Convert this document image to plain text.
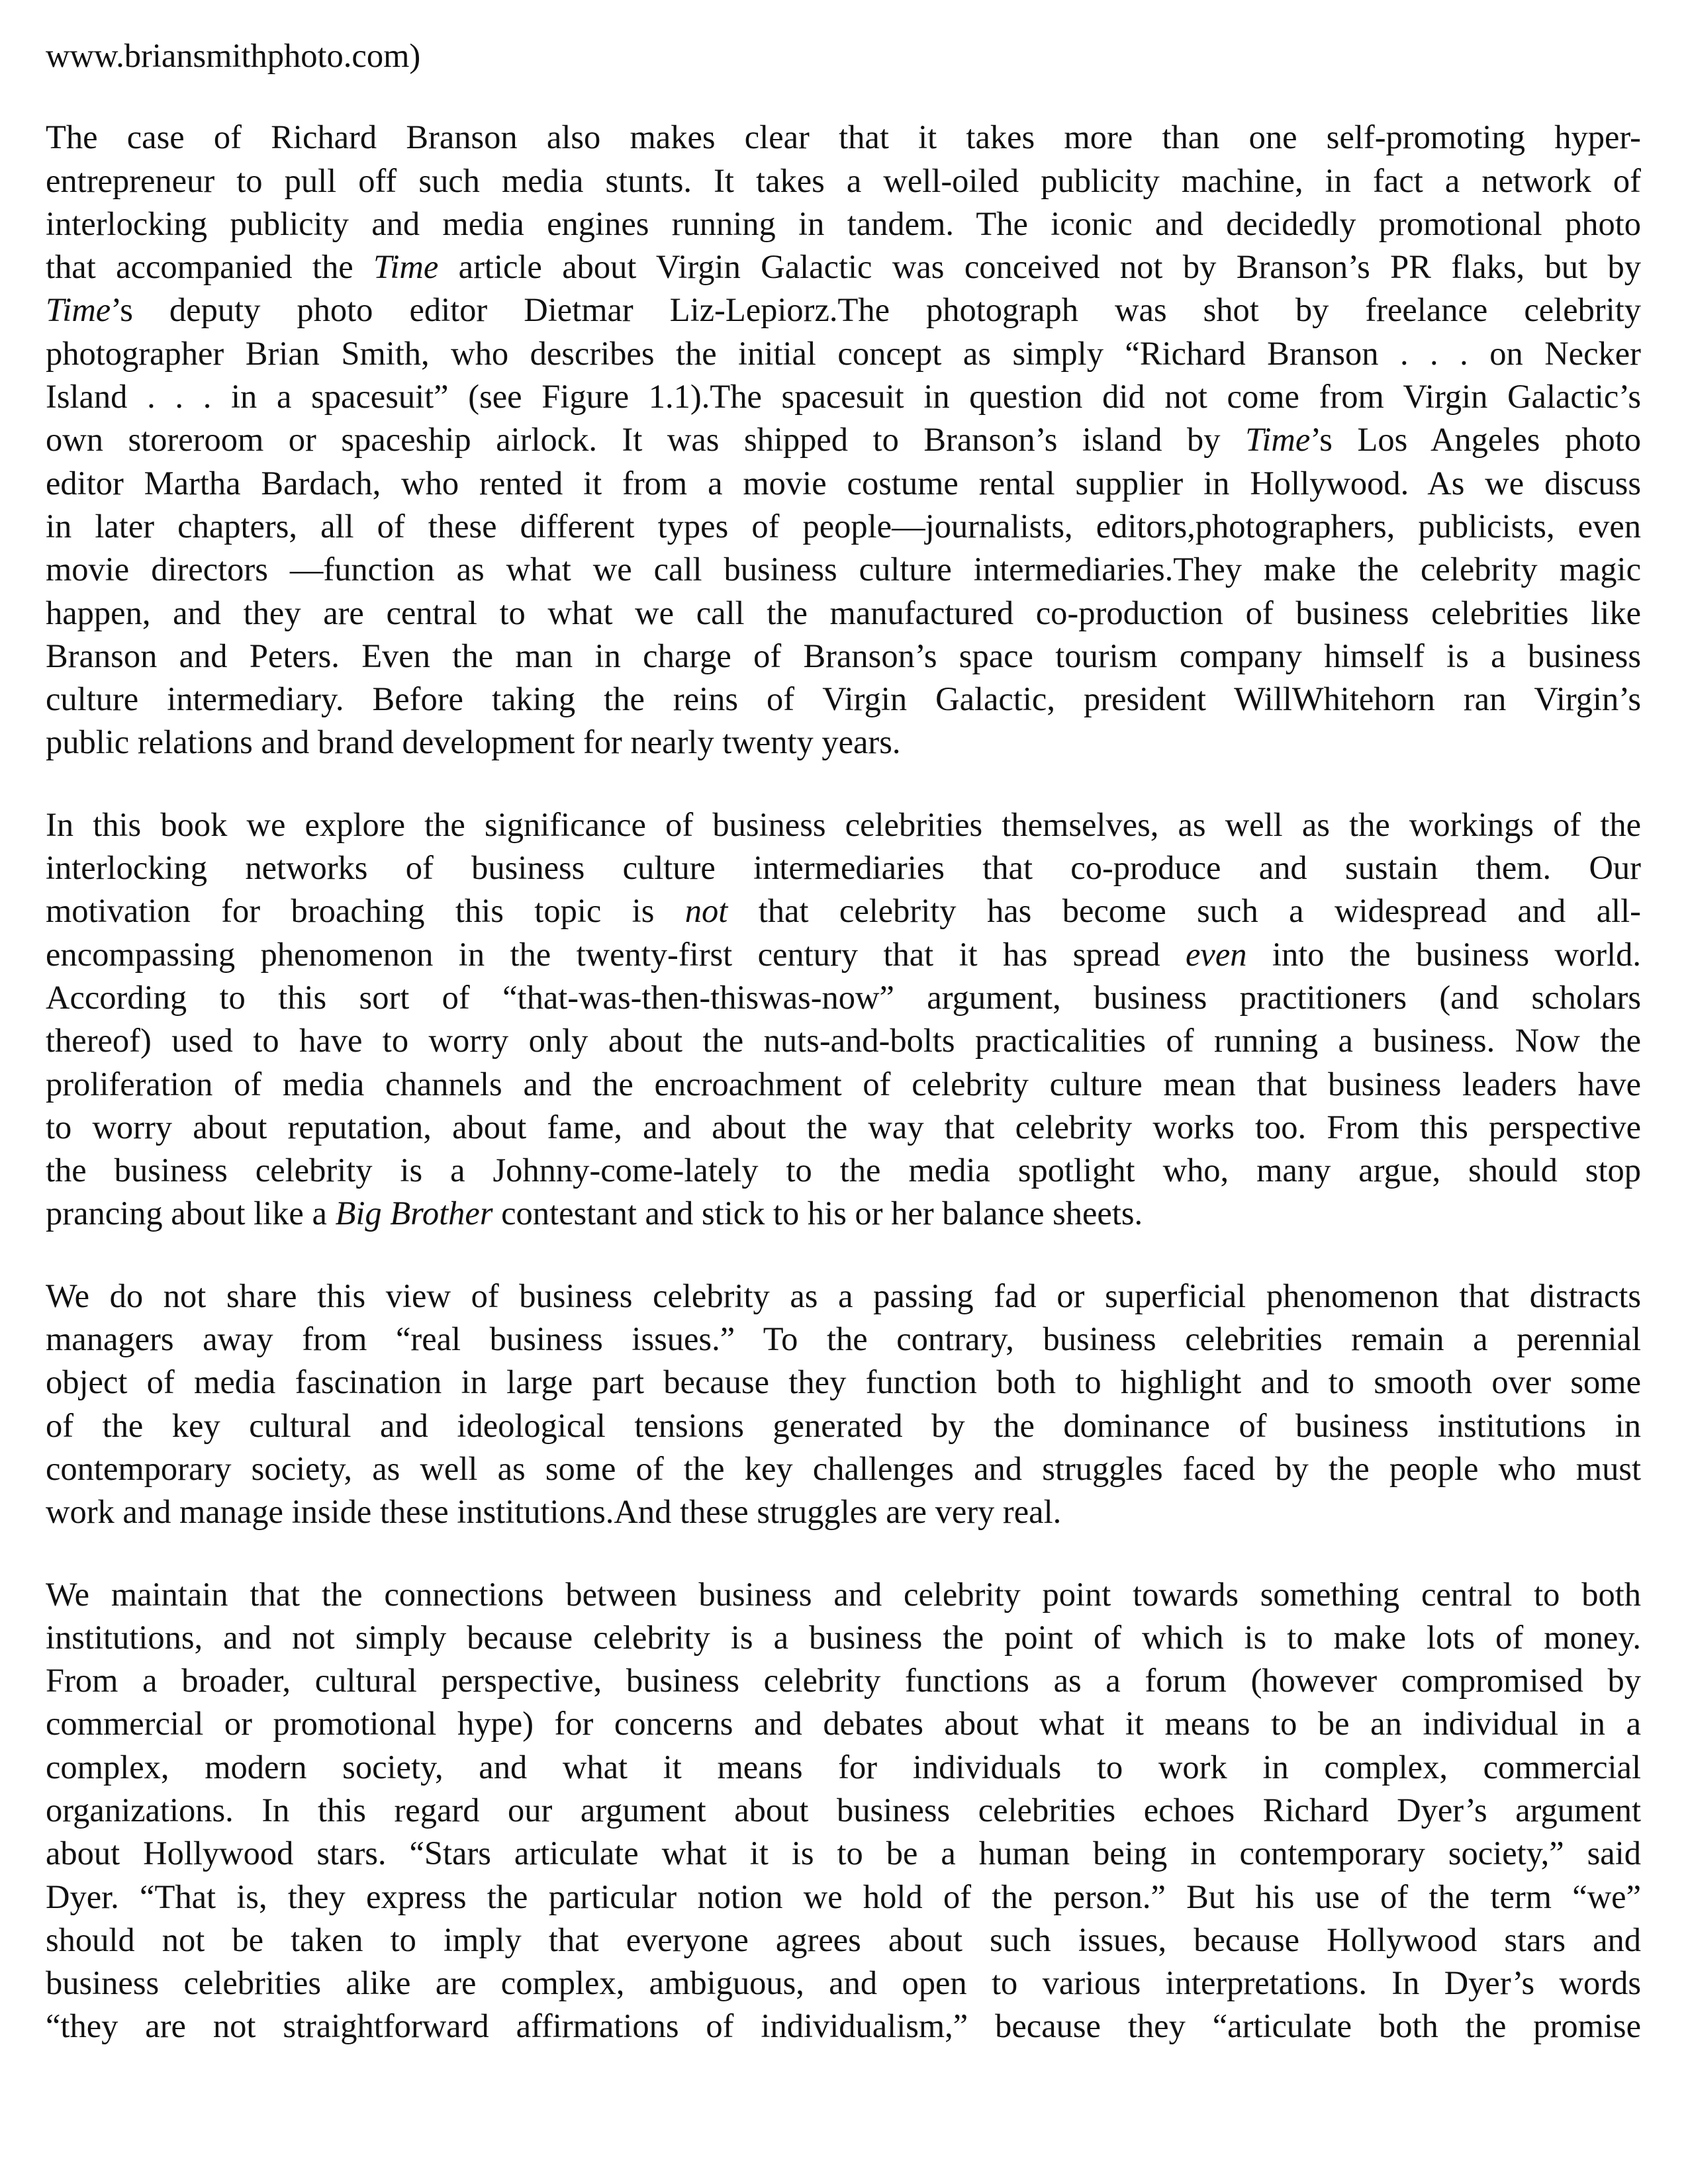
www.briansmithphoto.com)
The case of Richard Branson also makes clear that it takes more than one self-promoting hyper-
entrepreneur to pull off such media stunts. It takes a well-oiled publicity machine, in fact a network of
interlocking publicity and media engines running in tandem. The iconic and decidedly promotional photo
that accompanied the Time article about Virgin Galactic was conceived not by Branson’s PR flaks, but by
Time’s deputy photo editor Dietmar Liz-Lepiorz.The photograph was shot by freelance celebrity
photographer Brian Smith, who describes the initial concept as simply “Richard Branson . . . on Necker
Island . . . in a spacesuit” (see Figure 1.1).The spacesuit in question did not come from Virgin Galactic’s
own storeroom or spaceship airlock. It was shipped to Branson’s island by Time’s Los Angeles photo
editor Martha Bardach, who rented it from a movie costume rental supplier in Hollywood. As we discuss
in later chapters, all of these different types of people—journalists, editors,photographers, publicists, even
movie directors —function as what we call business culture intermediaries.They make the celebrity magic
happen, and they are central to what we call the manufactured co-production of business celebrities like
Branson and Peters. Even the man in charge of Branson’s space tourism company himself is a business
culture intermediary. Before taking the reins of Virgin Galactic, president WillWhitehorn ran Virgin’s
public relations and brand development for nearly twenty years.
In this book we explore the significance of business celebrities themselves, as well as the workings of the
interlocking networks of business culture intermediaries that co-produce and sustain them. Our
motivation for broaching this topic is not that celebrity has become such a widespread and all-
encompassing phenomenon in the twenty-first century that it has spread even into the business world.
According to this sort of “that-was-then-thiswas-now” argument, business practitioners (and scholars
thereof) used to have to worry only about the nuts-and-bolts practicalities of running a business. Now the
proliferation of media channels and the encroachment of celebrity culture mean that business leaders have
to worry about reputation, about fame, and about the way that celebrity works too. From this perspective
the business celebrity is a Johnny-come-lately to the media spotlight who, many argue, should stop
prancing about like a Big Brother contestant and stick to his or her balance sheets.
We do not share this view of business celebrity as a passing fad or superficial phenomenon that distracts
managers away from “real business issues.” To the contrary, business celebrities remain a perennial
object of media fascination in large part because they function both to highlight and to smooth over some
of the key cultural and ideological tensions generated by the dominance of business institutions in
contemporary society, as well as some of the key challenges and struggles faced by the people who must
work and manage inside these institutions.And these struggles are very real.
We maintain that the connections between business and celebrity point towards something central to both
institutions, and not simply because celebrity is a business the point of which is to make lots of money.
From a broader, cultural perspective, business celebrity functions as a forum (however compromised by
commercial or promotional hype) for concerns and debates about what it means to be an individual in a
complex, modern society, and what it means for individuals to work in complex, commercial
organizations. In this regard our argument about business celebrities echoes Richard Dyer’s argument
about Hollywood stars. “Stars articulate what it is to be a human being in contemporary society,” said
Dyer. “That is, they express the particular notion we hold of the person.” But his use of the term “we”
should not be taken to imply that everyone agrees about such issues, because Hollywood stars and
business celebrities alike are complex, ambiguous, and open to various interpretations. In Dyer’s words
“they are not straightforward affirmations of individualism,” because they “articulate both the promise
